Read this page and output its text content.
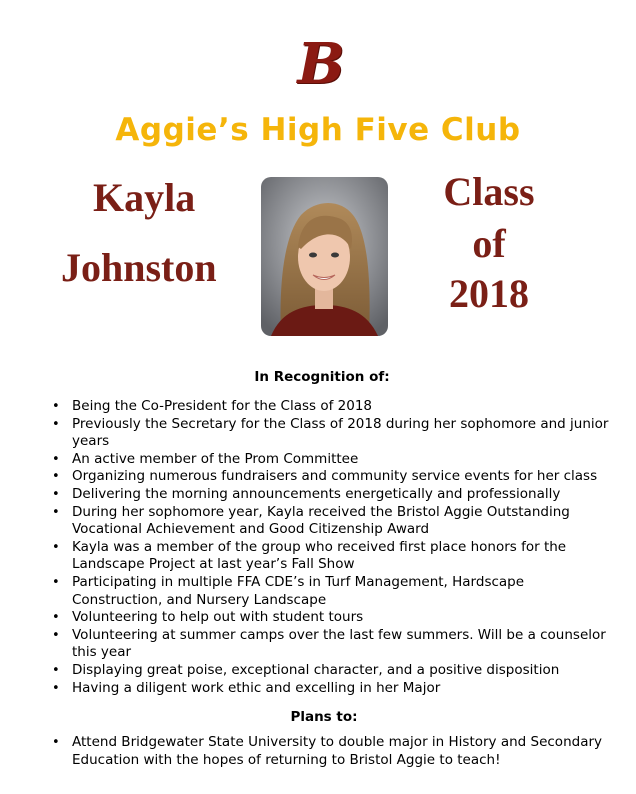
B
Aggie’s High Five Club
Kayla
Johnston
Class
of
2018
In Recognition of:
• Being the Co-President for the Class of 2018
• Previously the Secretary for the Class of 2018 during her sophomore and junior years
• An active member of the Prom Committee
• Organizing numerous fundraisers and community service events for her class
• Delivering the morning announcements energetically and professionally
• During her sophomore year, Kayla received the Bristol Aggie Outstanding Vocational Achievement and Good Citizenship Award
• Kayla was a member of the group who received first place honors for the Landscape Project at last year’s Fall Show
• Participating in multiple FFA CDE’s in Turf Management, Hardscape Construction, and Nursery Landscape
• Volunteering to help out with student tours
• Volunteering at summer camps over the last few summers. Will be a counselor this year
• Displaying great poise, exceptional character, and a positive disposition
• Having a diligent work ethic and excelling in her Major
Plans to:
• Attend Bridgewater State University to double major in History and Secondary Education with the hopes of returning to Bristol Aggie to teach!
